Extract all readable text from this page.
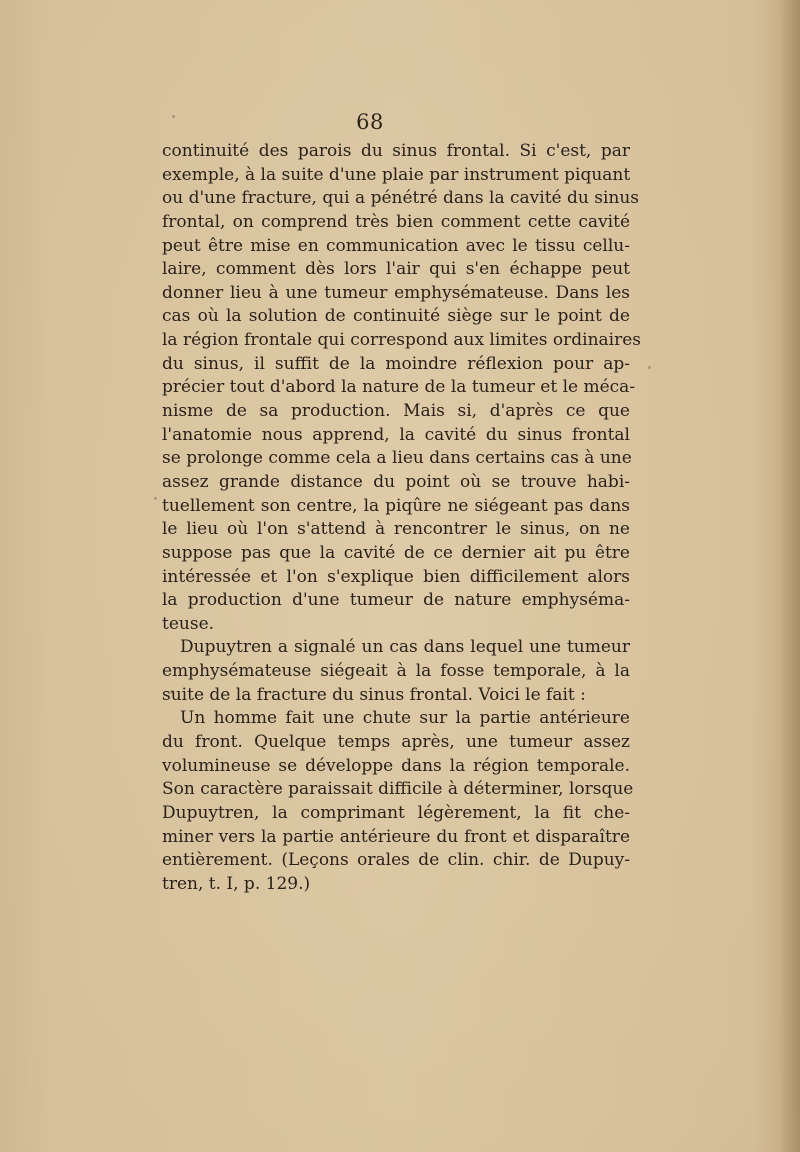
68
continuité des parois du sinus frontal. Si c'est, par
exemple, à la suite d'une plaie par instrument piquant
ou d'une fracture, qui a pénétré dans la cavité du sinus
frontal, on comprend très bien comment cette cavité
peut être mise en communication avec le tissu cellu-
laire, comment dès lors l'air qui s'en échappe peut
donner lieu à une tumeur emphysémateuse. Dans les
cas où la solution de continuité siège sur le point de
la région frontale qui correspond aux limites ordinaires
du sinus, il suffit de la moindre réflexion pour ap-
précier tout d'abord la nature de la tumeur et le méca-
nisme de sa production. Mais si, d'après ce que
l'anatomie nous apprend, la cavité du sinus frontal
se prolonge comme cela a lieu dans certains cas à une
assez grande distance du point où se trouve habi-
tuellement son centre, la piqûre ne siégeant pas dans
le lieu où l'on s'attend à rencontrer le sinus, on ne
suppose pas que la cavité de ce dernier ait pu être
intéressée et l'on s'explique bien difficilement alors
la production d'une tumeur de nature emphyséma-
teuse.
Dupuytren a signalé un cas dans lequel une tumeur
emphysémateuse siégeait à la fosse temporale, à la
suite de la fracture du sinus frontal. Voici le fait :
Un homme fait une chute sur la partie antérieure
du front. Quelque temps après, une tumeur assez
volumineuse se développe dans la région temporale.
Son caractère paraissait difficile à déterminer, lorsque
Dupuytren, la comprimant légèrement, la fit che-
miner vers la partie antérieure du front et disparaître
entièrement. (Leçons orales de clin. chir. de Dupuy-
tren, t. I, p. 129.)
